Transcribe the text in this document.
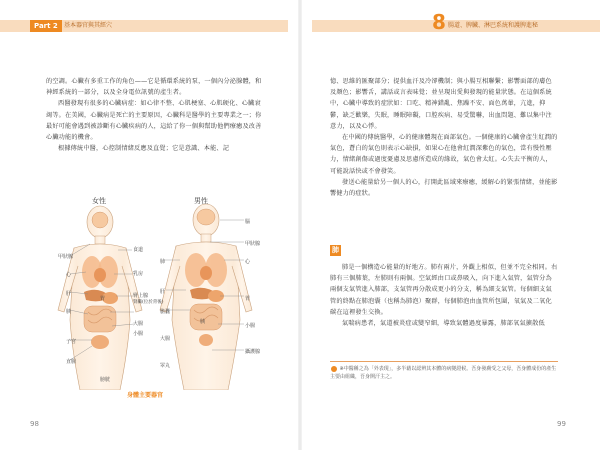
Part 2	基本器官與其經穴	8 腸道、脾臟、淋巴系統和護脾進秘

的空調。心臟有多重工作的角色——它是循環系統的泵，一個內分泌腺體，和神經系統的一部分，以及全身電位訊號的產生者。

西醫發現有很多的心臟病症：如心律不整、心肌梗塞、心肌硬化、心臟衰竭等。在美國，心臟病是死亡的主要原因，心臟科是醫學的主要專業之一；你最好可能會遇到被診斷有心臟疾病的人，這給了你一個與幫助他們療癒及改善心臟功能的機會。

根據傳統中醫，心控制情緒反應及直覺；它是意識、本能、記

女性	男性
甲狀腺
心
肝
胰
子宮
直腸
食道
乳房
腎上腺
腎臟(位於背後)
大腸
小腸
膀胱
胃
腦
甲狀腺
肺	心
肝
胃
膽囊
小腸
攝護腺
大腸
睪丸
胰
身體主要器官
98

憶、思維的匯聚部分；提供血汗及冷卻機制；與小腸互相聯繫；影響面部的膚色及顏色；影響舌，講話或言表味覺；並呈現出愛與發現的能量狀態。在這個系統中，心臟中導致的症狀如：口吃、精神錯亂、焦躁不安、面色萬暈，亢進，抑鬱，缺乏歡樂，失眠，睡眠障礙，口腔疾病、易受驚嚇，出血問題、難以集中注意力，以及心悸。

在中國的傳統醫學，心的健康體現在面部氣色。一個健康的心臟會產生紅潤的氣色，蒼白的氣色則表示心缺損，如果心在他會紅潤深紫色的氣色，當有慢性壓力，情緒創傷或過度憂慮及思慮所造成的緣故，氣色會太紅。心失去平衡的人，可能說話快或不會發笑。

發送心能量給另一個人的心，打開此區域來療癒，緩解心的緊張情緒，並能影響健力的症狀。

肺

肺是一個構造心能量的好地方。肺有兩片，外觀上相似，但並不完全相同。右肺有三個肺葉，左肺則有兩個。空氣經由口或鼻吸入，向下進入氣管，氣管分為兩個支氣管進入肺部，支氣管再分散成更小的分支，稱為細支氣管。每個細支氣管的終點在肺泡囊（也稱為肺泡）聚群，每個肺泡由血管所包圍，氧氣及二氧化碳在這裡發生交換。

氣喘病患者，氣道被炎症或變窄細，導致氣體過度暴露，肺部氧氣擴散低

※中醫稱之為「外表現」，多半藉以認辨其本體的病變證候。吾身發膚受之父母，吾身體成份的產生主要由組織，吾身開汗主之。
99
